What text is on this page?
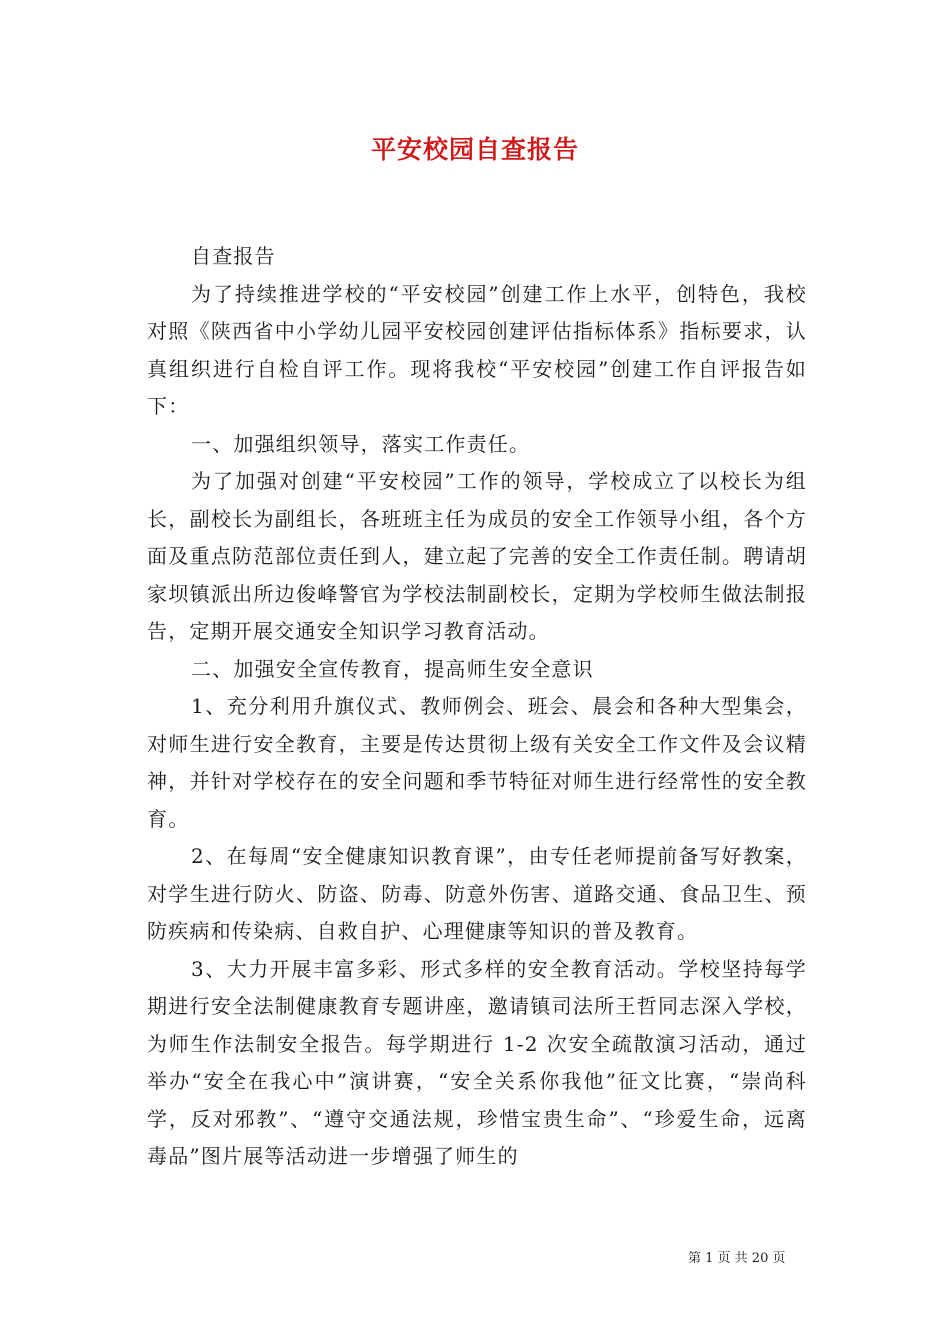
平安校园自查报告

自查报告

为了持续推进学校的“平安校园”创建工作上水平，创特色，我校对照《陕西省中小学幼儿园平安校园创建评估指标体系》指标要求，认真组织进行自检自评工作。现将我校“平安校园”创建工作自评报告如下：

一、加强组织领导，落实工作责任。

为了加强对创建“平安校园”工作的领导，学校成立了以校长为组长，副校长为副组长，各班班主任为成员的安全工作领导小组，各个方面及重点防范部位责任到人，建立起了完善的安全工作责任制。聘请胡家坝镇派出所边俊峰警官为学校法制副校长，定期为学校师生做法制报告，定期开展交通安全知识学习教育活动。

二、加强安全宣传教育，提高师生安全意识

1、充分利用升旗仪式、教师例会、班会、晨会和各种大型集会，对师生进行安全教育，主要是传达贯彻上级有关安全工作文件及会议精神，并针对学校存在的安全问题和季节特征对师生进行经常性的安全教育。

2、在每周“安全健康知识教育课”，由专任老师提前备写好教案，对学生进行防火、防盗、防毒、防意外伤害、道路交通、食品卫生、预防疾病和传染病、自救自护、心理健康等知识的普及教育。

3、大力开展丰富多彩、形式多样的安全教育活动。学校坚持每学期进行安全法制健康教育专题讲座，邀请镇司法所王哲同志深入学校，为师生作法制安全报告。每学期进行 1-2 次安全疏散演习活动，通过举办“安全在我心中”演讲赛，“安全关系你我他”征文比赛，“崇尚科学，反对邪教”、“遵守交通法规，珍惜宝贵生命”、“珍爱生命，远离毒品”图片展等活动进一步增强了师生的

第 1 页 共 20 页
